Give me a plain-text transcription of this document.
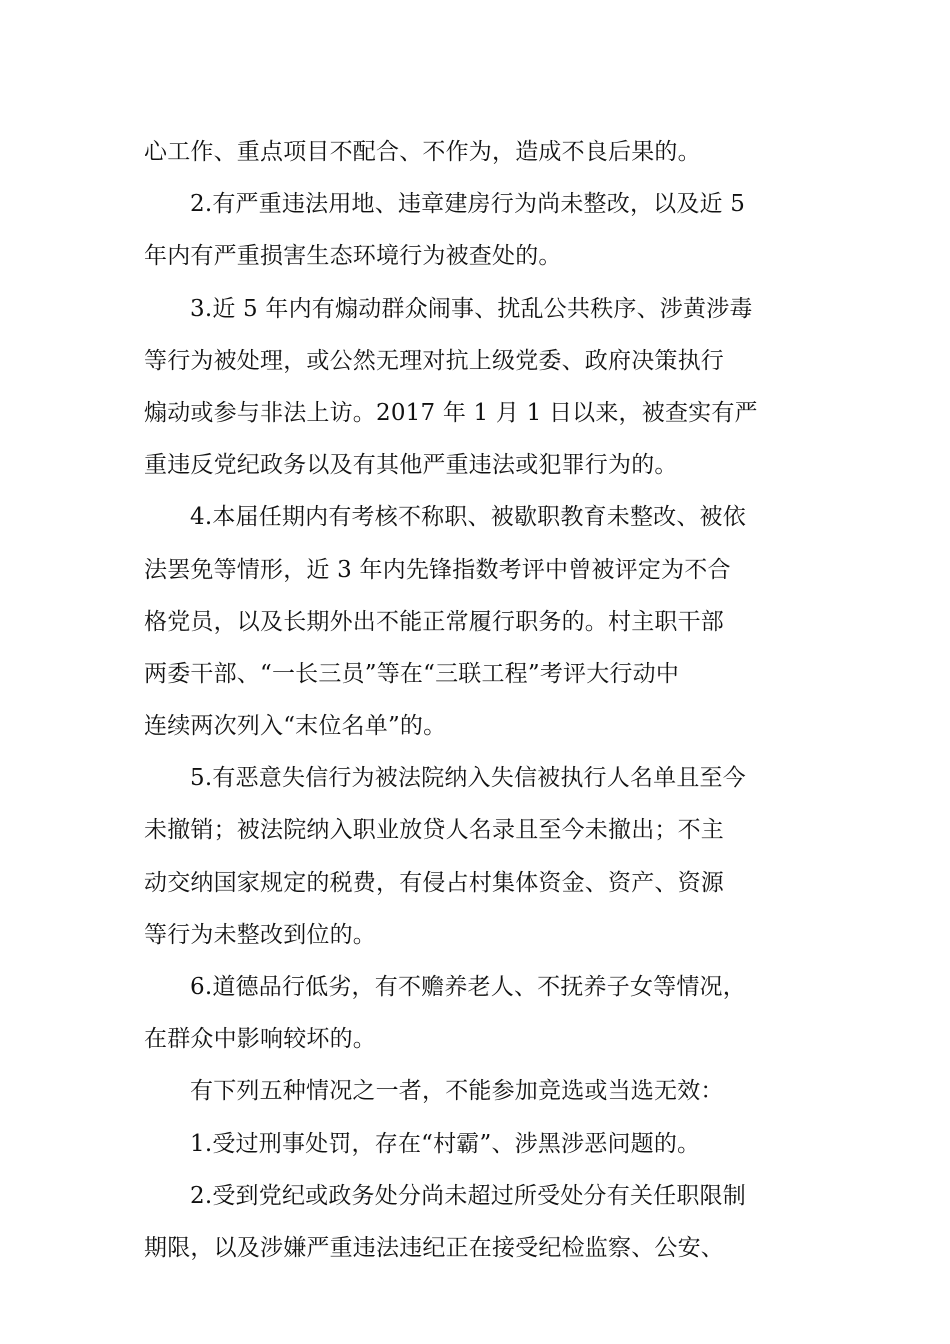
心工作、重点项目不配合、不作为，造成不良后果的。
2.有严重违法用地、违章建房行为尚未整改，以及近 5
年内有严重损害生态环境行为被查处的。
3.近 5 年内有煽动群众闹事、扰乱公共秩序、涉黄涉毒
等行为被处理，或公然无理对抗上级党委、政府决策执行
煽动或参与非法上访。2017 年 1 月 1 日以来，被查实有严
重违反党纪政务以及有其他严重违法或犯罪行为的。
4.本届任期内有考核不称职、被歇职教育未整改、被依
法罢免等情形，近 3 年内先锋指数考评中曾被评定为不合
格党员，以及长期外出不能正常履行职务的。村主职干部
两委干部、“一长三员”等在“三联工程”考评大行动中
连续两次列入“末位名单”的。
5.有恶意失信行为被法院纳入失信被执行人名单且至今
未撤销；被法院纳入职业放贷人名录且至今未撤出；不主
动交纳国家规定的税费，有侵占村集体资金、资产、资源
等行为未整改到位的。
6.道德品行低劣，有不赡养老人、不抚养子女等情况，
在群众中影响较坏的。
有下列五种情况之一者，不能参加竞选或当选无效：
1.受过刑事处罚，存在“村霸”、涉黑涉恶问题的。
2.受到党纪或政务处分尚未超过所受处分有关任职限制
期限，以及涉嫌严重违法违纪正在接受纪检监察、公安、
